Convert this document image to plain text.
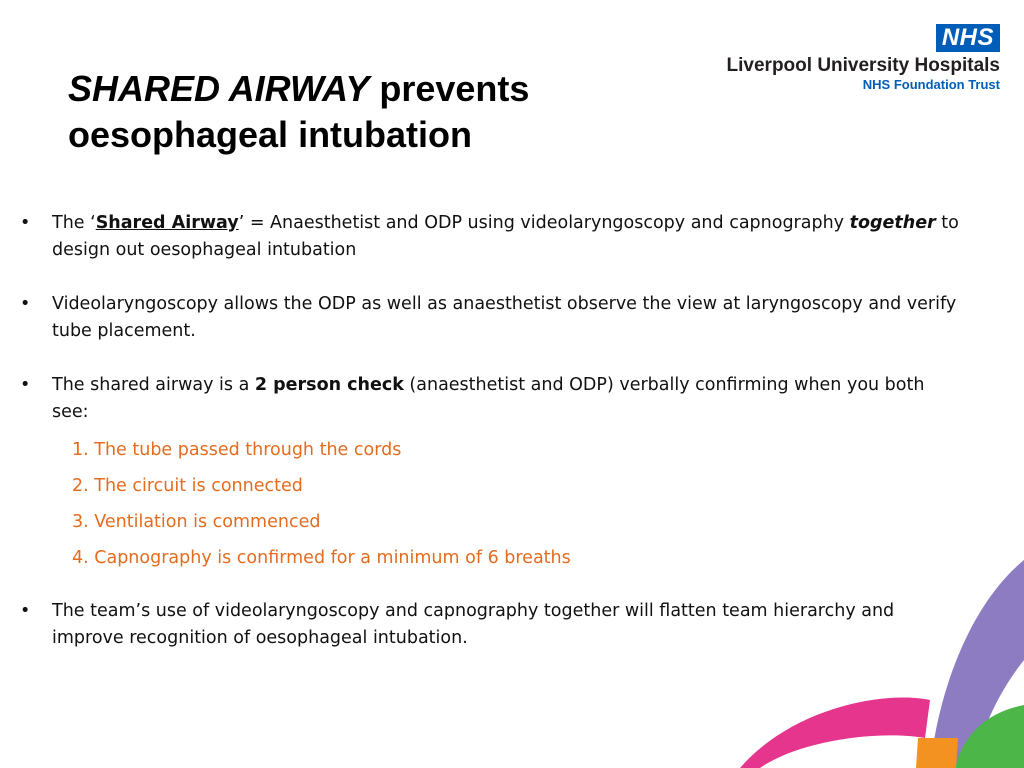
SHARED AIRWAY prevents
oesophageal intubation
NHS
Liverpool University Hospitals
NHS Foundation Trust
•	The ‘Shared Airway’ = Anaesthetist and ODP using videolaryngoscopy and capnography together to design out oesophageal intubation
•	Videolaryngoscopy allows the ODP as well as anaesthetist observe the view at laryngoscopy and verify tube placement.
•	The shared airway is a 2 person check (anaesthetist and ODP) verbally confirming when you both see:
1. The tube passed through the cords
2. The circuit is connected
3. Ventilation is commenced
4. Capnography is confirmed for a minimum of 6 breaths
•	The team’s use of videolaryngoscopy and capnography together will flatten team hierarchy and improve recognition of oesophageal intubation.
